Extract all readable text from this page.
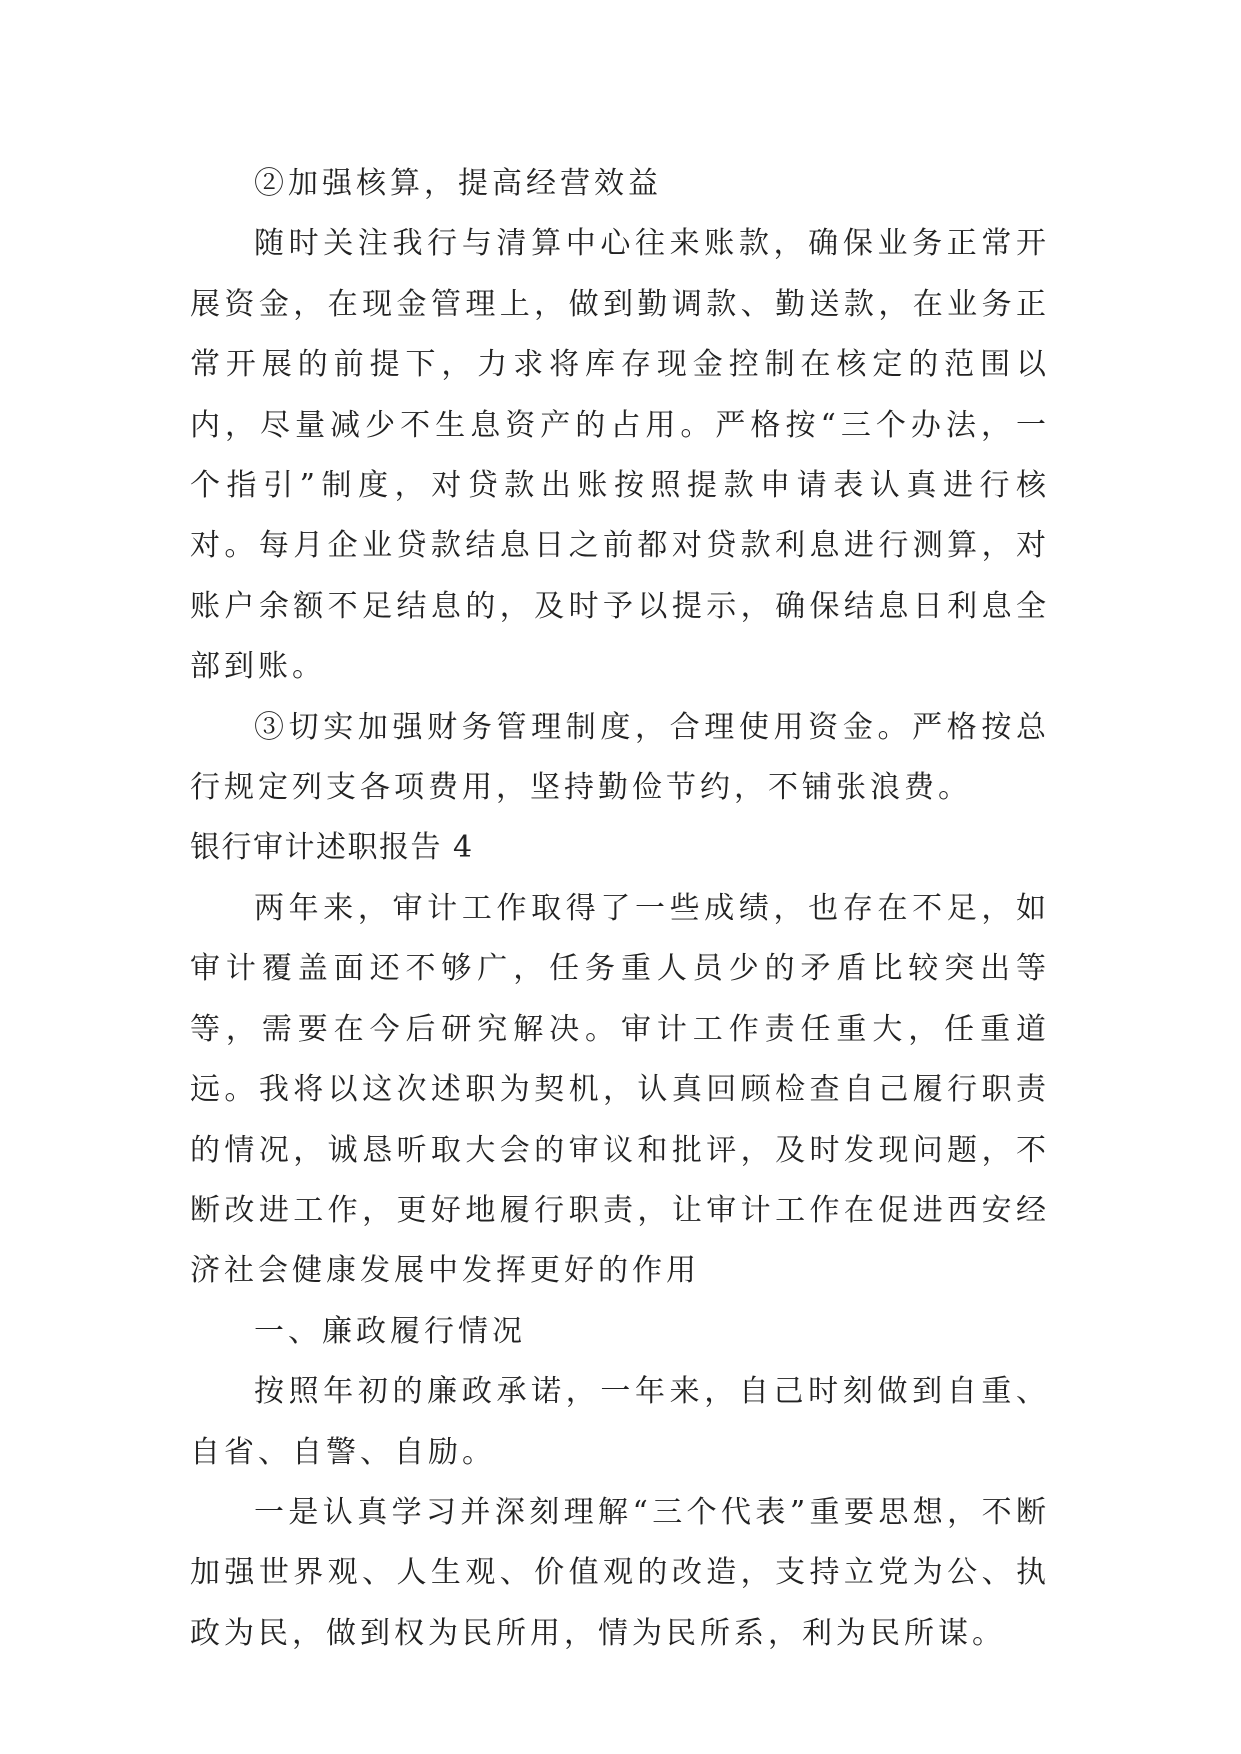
②加强核算，提高经营效益

随时关注我行与清算中心往来账款，确保业务正常开展资金，在现金管理上，做到勤调款、勤送款，在业务正常开展的前提下，力求将库存现金控制在核定的范围以内，尽量减少不生息资产的占用。严格按“三个办法，一个指引”制度，对贷款出账按照提款申请表认真进行核对。每月企业贷款结息日之前都对贷款利息进行测算，对账户余额不足结息的，及时予以提示，确保结息日利息全部到账。

③切实加强财务管理制度，合理使用资金。严格按总行规定列支各项费用，坚持勤俭节约，不铺张浪费。

银行审计述职报告 4

两年来，审计工作取得了一些成绩，也存在不足，如审计覆盖面还不够广，任务重人员少的矛盾比较突出等等，需要在今后研究解决。审计工作责任重大，任重道远。我将以这次述职为契机，认真回顾检查自己履行职责的情况，诚恳听取大会的审议和批评，及时发现问题，不断改进工作，更好地履行职责，让审计工作在促进西安经济社会健康发展中发挥更好的作用

一、廉政履行情况

按照年初的廉政承诺，一年来，自己时刻做到自重、自省、自警、自励。

一是认真学习并深刻理解“三个代表”重要思想，不断加强世界观、人生观、价值观的改造，支持立党为公、执政为民，做到权为民所用，情为民所系，利为民所谋。
